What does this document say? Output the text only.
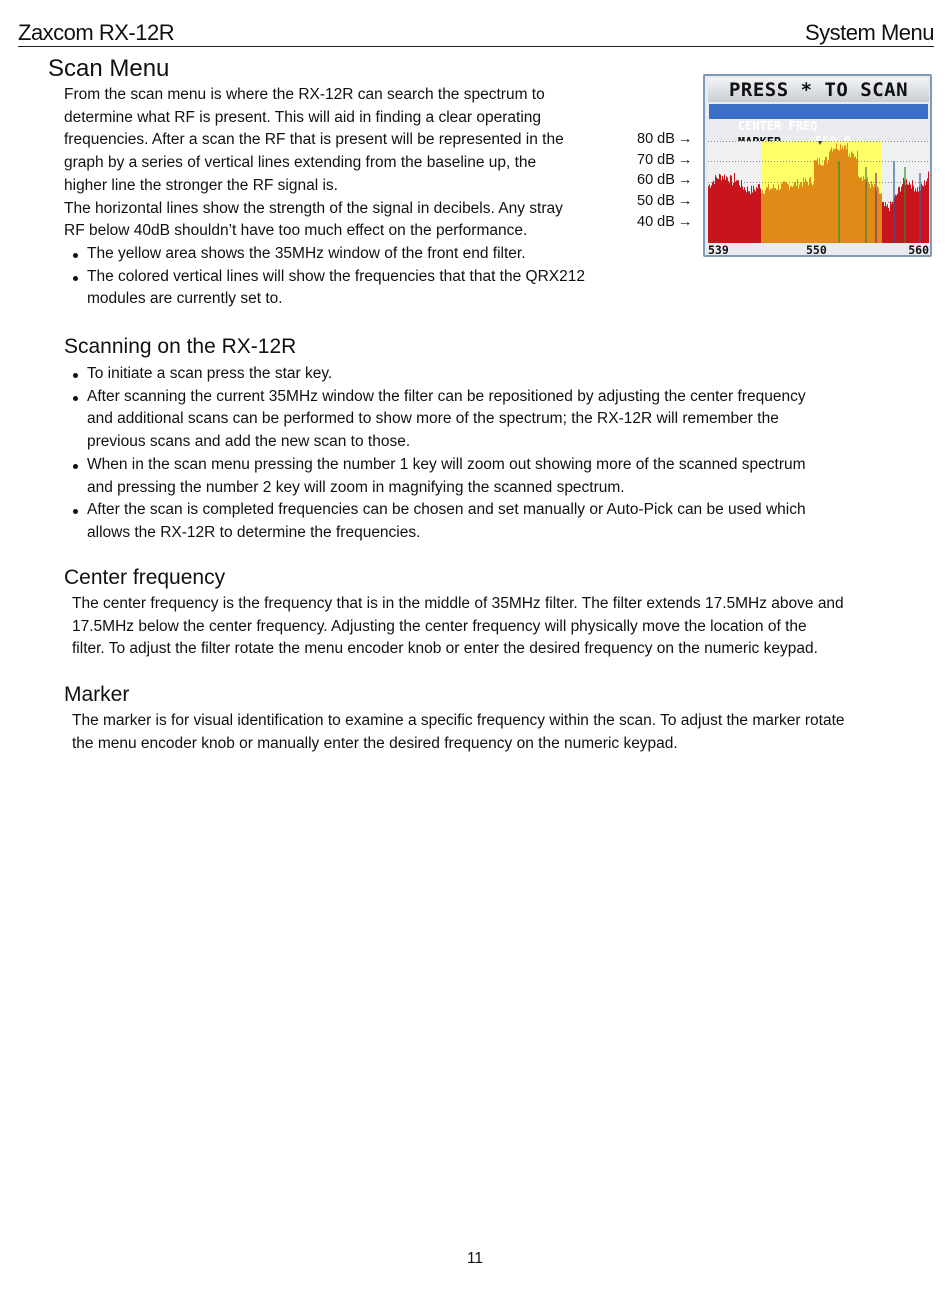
Zaxcom RX-12R	System Menu
Scan Menu
From the scan menu is where the RX-12R can search the spectrum to
determine what RF is present. This will aid in finding a clear operating
frequencies. After a scan the RF that is present will be represented in the
graph by a series of vertical lines extending from the baseline up, the
higher line the stronger the RF signal is.
The horizontal lines show the strength of the signal in decibels. Any stray
RF below 40dB shouldn’t have too much effect on the performance.
The yellow area shows the 35MHz window of the front end filter.
The colored vertical lines will show the frequencies that that the QRX212
modules are currently set to.
80 dB →
70 dB →
60 dB →
50 dB →
40 dB →
PRESS * TO SCAN

CENTER FREQ

539	550	560
Scanning on the RX-12R
To initiate a scan press the star key.
After scanning the current 35MHz window the filter can be repositioned by adjusting the center frequency
and additional scans can be performed to show more of the spectrum; the RX-12R will remember the
previous scans and add the new scan to those.
When in the scan menu pressing the number 1 key will zoom out showing more of the scanned spectrum
and pressing the number 2 key will zoom in magnifying the scanned spectrum.
After the scan is completed frequencies can be chosen and set manually or Auto-Pick can be used which
allows the RX-12R to determine the frequencies.
Center frequency
The center frequency is the frequency that is in the middle of 35MHz filter. The filter extends 17.5MHz above and
17.5MHz below the center frequency. Adjusting the center frequency will physically move the location of the
filter. To adjust the filter rotate the menu encoder knob or enter the desired frequency on the numeric keypad.
Marker
The marker is for visual identification to examine a specific frequency within the scan. To adjust the marker rotate
the menu encoder knob or manually enter the desired frequency on the numeric keypad.
11
